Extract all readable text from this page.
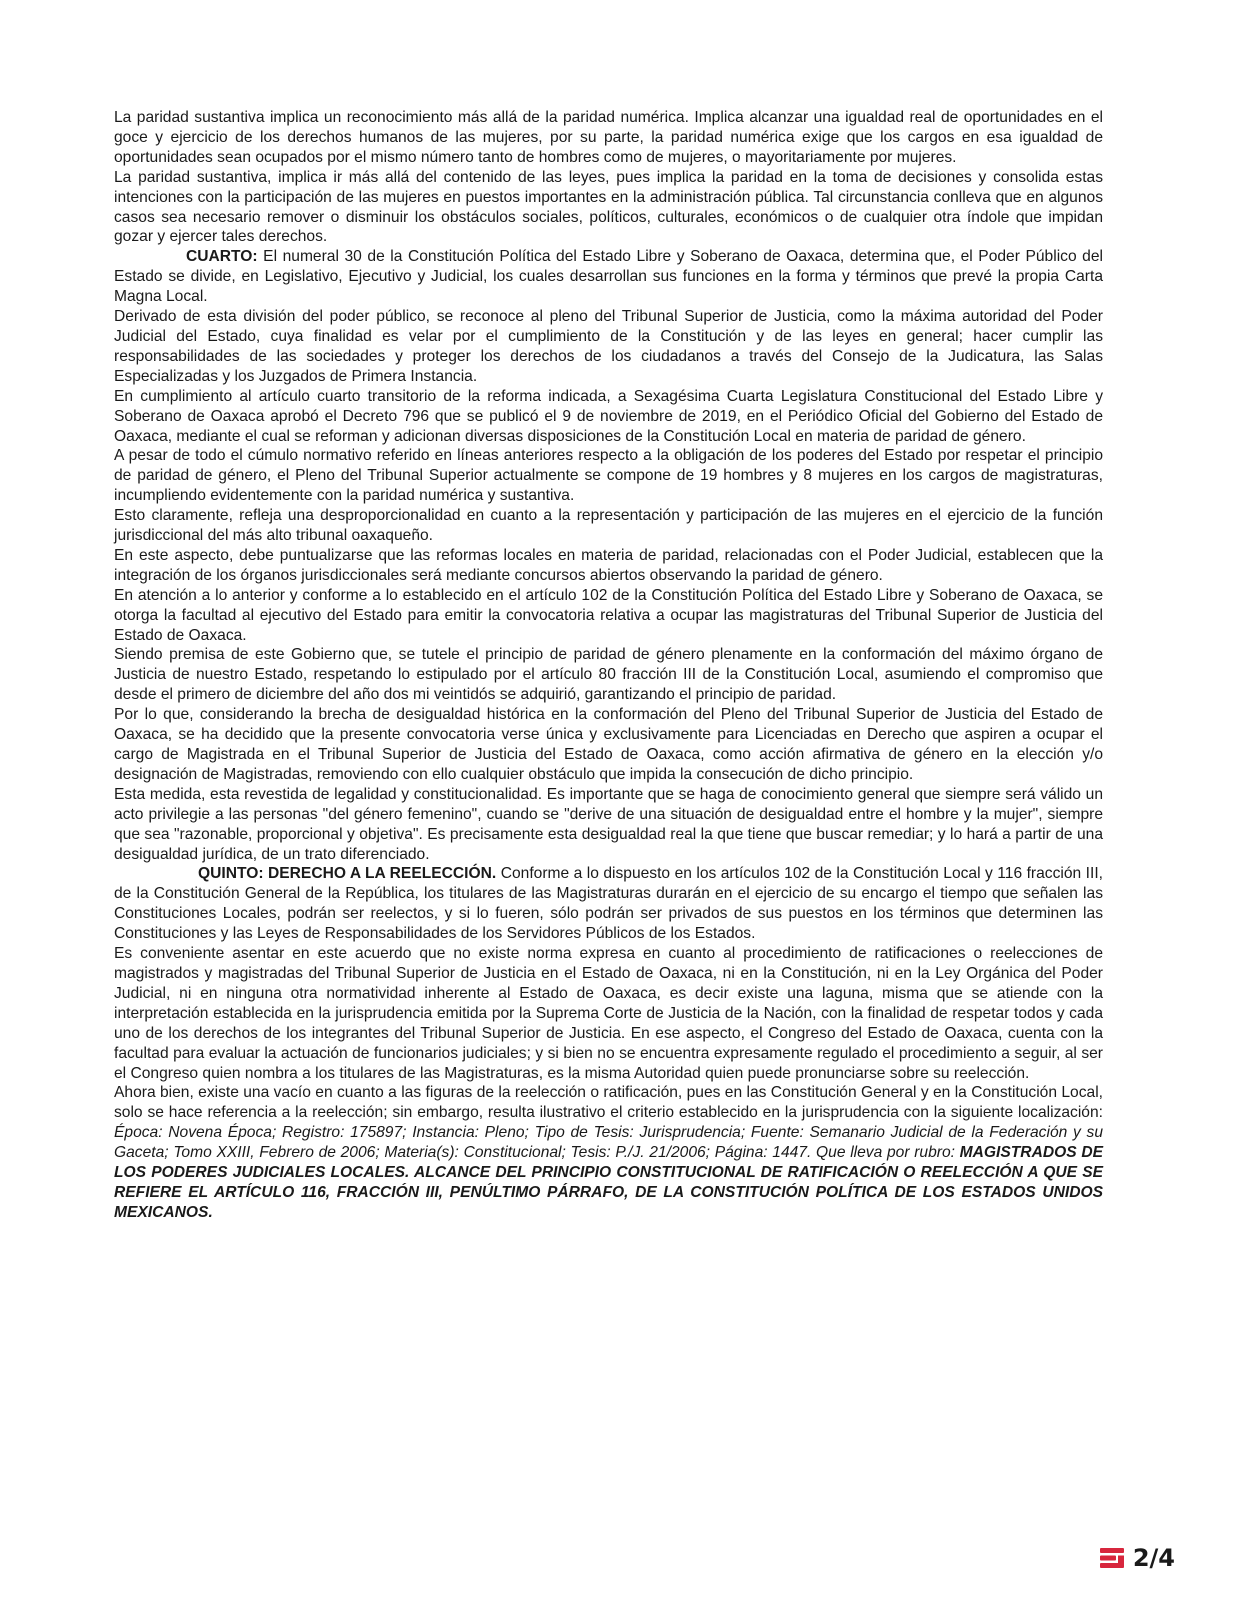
La paridad sustantiva implica un reconocimiento más allá de la paridad numérica. Implica alcanzar una igualdad real de oportunidades en el goce y ejercicio de los derechos humanos de las mujeres, por su parte, la paridad numérica exige que los cargos en esa igualdad de oportunidades sean ocupados por el mismo número tanto de hombres como de mujeres, o mayoritariamente por mujeres.

La paridad sustantiva, implica ir más allá del contenido de las leyes, pues implica la paridad en la toma de decisiones y consolida estas intenciones con la participación de las mujeres en puestos importantes en la administración pública. Tal circunstancia conlleva que en algunos casos sea necesario remover o disminuir los obstáculos sociales, políticos, culturales, económicos o de cualquier otra índole que impidan gozar y ejercer tales derechos.

CUARTO: El numeral 30 de la Constitución Política del Estado Libre y Soberano de Oaxaca, determina que, el Poder Público del Estado se divide, en Legislativo, Ejecutivo y Judicial, los cuales desarrollan sus funciones en la forma y términos que prevé la propia Carta Magna Local.

Derivado de esta división del poder público, se reconoce al pleno del Tribunal Superior de Justicia, como la máxima autoridad del Poder Judicial del Estado, cuya finalidad es velar por el cumplimiento de la Constitución y de las leyes en general; hacer cumplir las responsabilidades de las sociedades y proteger los derechos de los ciudadanos a través del Consejo de la Judicatura, las Salas Especializadas y los Juzgados de Primera Instancia.

En cumplimiento al artículo cuarto transitorio de la reforma indicada, a Sexagésima Cuarta Legislatura Constitucional del Estado Libre y Soberano de Oaxaca aprobó el Decreto 796 que se publicó el 9 de noviembre de 2019, en el Periódico Oficial del Gobierno del Estado de Oaxaca, mediante el cual se reforman y adicionan diversas disposiciones de la Constitución Local en materia de paridad de género.

A pesar de todo el cúmulo normativo referido en líneas anteriores respecto a la obligación de los poderes del Estado por respetar el principio de paridad de género, el Pleno del Tribunal Superior actualmente se compone de 19 hombres y 8 mujeres en los cargos de magistraturas, incumpliendo evidentemente con la paridad numérica y sustantiva.

Esto claramente, refleja una desproporcionalidad en cuanto a la representación y participación de las mujeres en el ejercicio de la función jurisdiccional del más alto tribunal oaxaqueño.

En este aspecto, debe puntualizarse que las reformas locales en materia de paridad, relacionadas con el Poder Judicial, establecen que la integración de los órganos jurisdiccionales será mediante concursos abiertos observando la paridad de género.

En atención a lo anterior y conforme a lo establecido en el artículo 102 de la Constitución Política del Estado Libre y Soberano de Oaxaca, se otorga la facultad al ejecutivo del Estado para emitir la convocatoria relativa a ocupar las magistraturas del Tribunal Superior de Justicia del Estado de Oaxaca.

Siendo premisa de este Gobierno que, se tutele el principio de paridad de género plenamente en la conformación del máximo órgano de Justicia de nuestro Estado, respetando lo estipulado por el artículo 80 fracción III de la Constitución Local, asumiendo el compromiso que desde el primero de diciembre del año dos mi veintidós se adquirió, garantizando el principio de paridad.

Por lo que, considerando la brecha de desigualdad histórica en la conformación del Pleno del Tribunal Superior de Justicia del Estado de Oaxaca, se ha decidido que la presente convocatoria verse única y exclusivamente para Licenciadas en Derecho que aspiren a ocupar el cargo de Magistrada en el Tribunal Superior de Justicia del Estado de Oaxaca, como acción afirmativa de género en la elección y/o designación de Magistradas, removiendo con ello cualquier obstáculo que impida la consecución de dicho principio.

Esta medida, esta revestida de legalidad y constitucionalidad. Es importante que se haga de conocimiento general que siempre será válido un acto privilegie a las personas "del género femenino", cuando se "derive de una situación de desigualdad entre el hombre y la mujer", siempre que sea "razonable, proporcional y objetiva". Es precisamente esta desigualdad real la que tiene que buscar remediar; y lo hará a partir de una desigualdad jurídica, de un trato diferenciado.

QUINTO: DERECHO A LA REELECCIÓN. Conforme a lo dispuesto en los artículos 102 de la Constitución Local y 116 fracción III, de la Constitución General de la República, los titulares de las Magistraturas durarán en el ejercicio de su encargo el tiempo que señalen las Constituciones Locales, podrán ser reelectos, y si lo fueren, sólo podrán ser privados de sus puestos en los términos que determinen las Constituciones y las Leyes de Responsabilidades de los Servidores Públicos de los Estados.

Es conveniente asentar en este acuerdo que no existe norma expresa en cuanto al procedimiento de ratificaciones o reelecciones de magistrados y magistradas del Tribunal Superior de Justicia en el Estado de Oaxaca, ni en la Constitución, ni en la Ley Orgánica del Poder Judicial, ni en ninguna otra normatividad inherente al Estado de Oaxaca, es decir existe una laguna, misma que se atiende con la interpretación establecida en la jurisprudencia emitida por la Suprema Corte de Justicia de la Nación, con la finalidad de respetar todos y cada uno de los derechos de los integrantes del Tribunal Superior de Justicia. En ese aspecto, el Congreso del Estado de Oaxaca, cuenta con la facultad para evaluar la actuación de funcionarios judiciales; y si bien no se encuentra expresamente regulado el procedimiento a seguir, al ser el Congreso quien nombra a los titulares de las Magistraturas, es la misma Autoridad quien puede pronunciarse sobre su reelección.

Ahora bien, existe una vacío en cuanto a las figuras de la reelección o ratificación, pues en las Constitución General y en la Constitución Local, solo se hace referencia a la reelección; sin embargo, resulta ilustrativo el criterio establecido en la jurisprudencia con la siguiente localización: Época: Novena Época; Registro: 175897; Instancia: Pleno; Tipo de Tesis: Jurisprudencia; Fuente: Semanario Judicial de la Federación y su Gaceta; Tomo XXIII, Febrero de 2006; Materia(s): Constitucional; Tesis: P./J. 21/2006; Página: 1447. Que lleva por rubro: MAGISTRADOS DE LOS PODERES JUDICIALES LOCALES. ALCANCE DEL PRINCIPIO CONSTITUCIONAL DE RATIFICACIÓN O REELECCIÓN A QUE SE REFIERE EL ARTÍCULO 116, FRACCIÓN III, PENÚLTIMO PÁRRAFO, DE LA CONSTITUCIÓN POLÍTICA DE LOS ESTADOS UNIDOS MEXICANOS.

2/4
